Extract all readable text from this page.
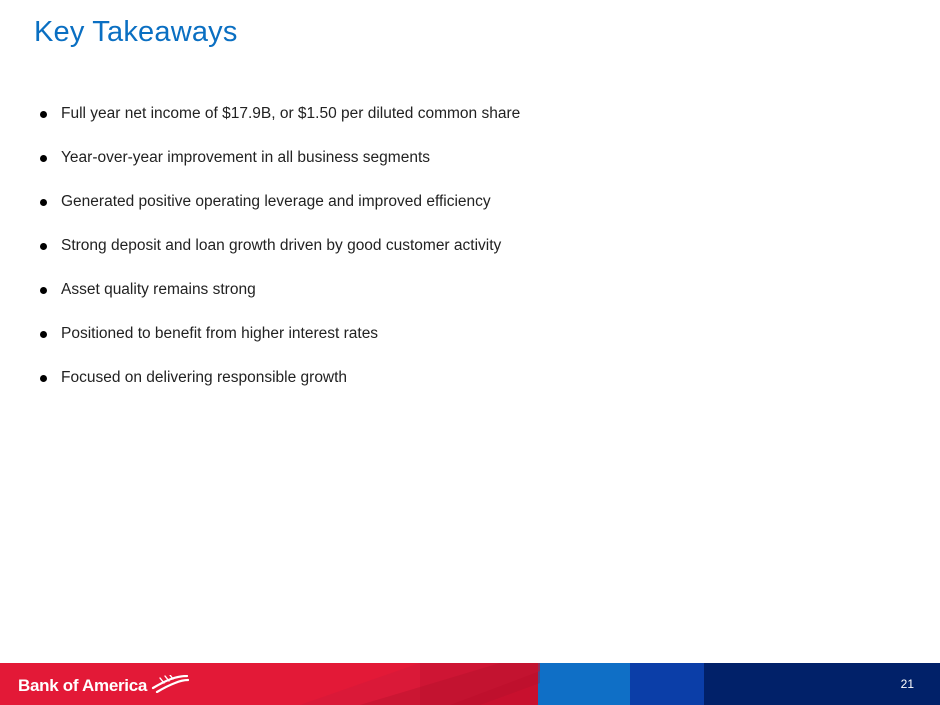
Key Takeaways
Full year net income of $17.9B, or $1.50 per diluted common share
Year-over-year improvement in all business segments
Generated positive operating leverage and improved efficiency
Strong deposit and loan growth driven by good customer activity
Asset quality remains strong
Positioned to benefit from higher interest rates
Focused on delivering responsible growth
Bank of America	21
